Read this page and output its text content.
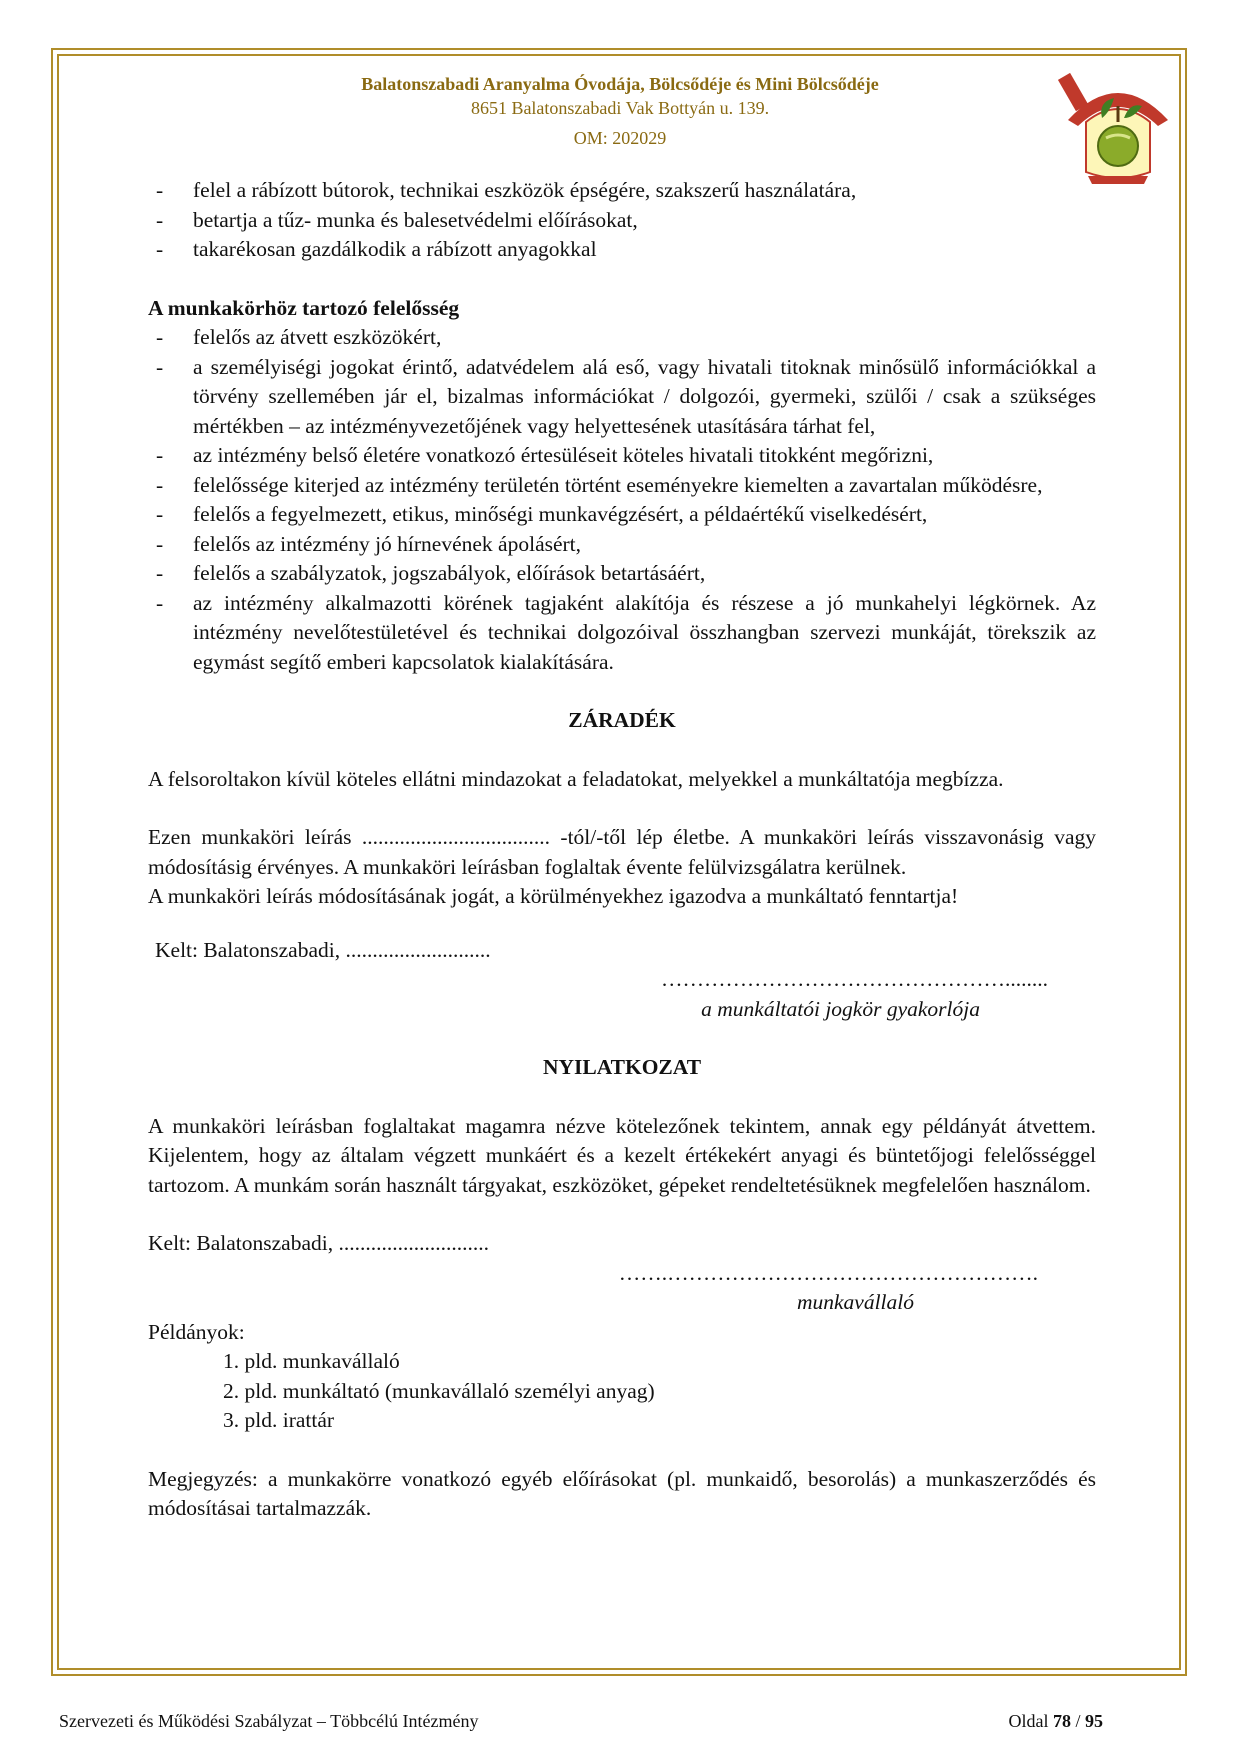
Balatonszabadi Aranyalma Óvodája, Bölcsődéje és Mini Bölcsődéje
8651 Balatonszabadi Vak Bottyán u. 139.
OM: 202029
- felel a rábízott bútorok, technikai eszközök épségére, szakszerű használatára,
- betartja a tűz- munka és balesetvédelmi előírásokat,
- takarékosan gazdálkodik a rábízott anyagokkal
A munkakörhöz tartozó felelősség
- felelős az átvett eszközökért,
- a személyiségi jogokat érintő, adatvédelem alá eső, vagy hivatali titoknak minősülő információkkal a törvény szellemében jár el, bizalmas információkat / dolgozói, gyermeki, szülői / csak a szükséges mértékben – az intézményvezetőjének vagy helyettesének utasítására tárhat fel,
- az intézmény belső életére vonatkozó értesüléseit köteles hivatali titokként megőrizni,
- felelőssége kiterjed az intézmény területén történt eseményekre kiemelten a zavartalan működésre,
- felelős a fegyelmezett, etikus, minőségi munkavégzésért, a példaértékű viselkedésért,
- felelős az intézmény jó hírnevének ápolásért,
- felelős a szabályzatok, jogszabályok, előírások betartásáért,
- az intézmény alkalmazotti körének tagjaként alakítója és részese a jó munkahelyi légkörnek. Az intézmény nevelőtestületével és technikai dolgozóival összhangban szervezi munkáját, törekszik az egymást segítő emberi kapcsolatok kialakítására.
ZÁRADÉK

A felsoroltakon kívül köteles ellátni mindazokat a feladatokat, melyekkel a munkáltatója megbízza.

Ezen munkaköri leírás ................................... -tól/-től lép életbe. A munkaköri leírás visszavonásig vagy módosításig érvényes. A munkaköri leírásban foglaltak évente felülvizsgálatra kerülnek.

A munkaköri leírás módosításának jogát, a körülményekhez igazodva a munkáltató fenntartja!

Kelt: Balatonszabadi, ...........................

…………………………………………........

a munkáltatói jogkör gyakorlója

NYILATKOZAT

A munkaköri leírásban foglaltakat magamra nézve kötelezőnek tekintem, annak egy példányát átvettem. Kijelentem, hogy az általam végzett munkáért és a kezelt értékekért anyagi és büntetőjogi felelősséggel tartozom. A munkám során használt tárgyakat, eszközöket, gépeket rendeltetésüknek megfelelően használom.

Kelt: Balatonszabadi, ............................

…….…………………………………………….

munkavállaló

Példányok:

1. pld. munkavállaló

2. pld. munkáltató (munkavállaló személyi anyag)

3. pld. irattár

Megjegyzés: a munkakörre vonatkozó egyéb előírásokat (pl. munkaidő, besorolás) a munkaszerződés és módosításai tartalmazzák.

Szervezeti és Működési Szabályzat – Többcélú Intézmény	Oldal 78 / 95
